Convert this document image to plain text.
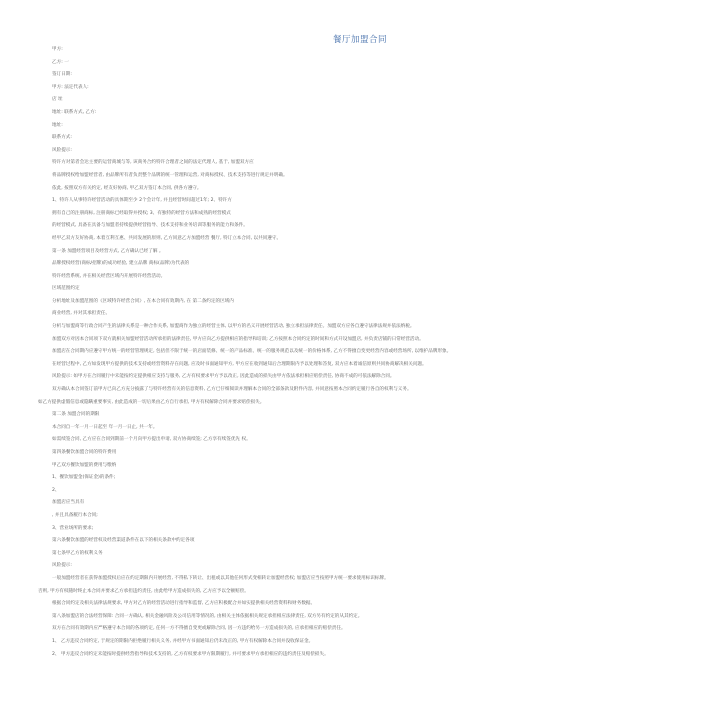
餐厅加盟合同
甲方:
乙方: 一
签订日期:
甲方: 法定代表人:
店 址
地址: 联系方式, 乙方:
地址:
联系方式:
风险提示:
特许方对第者会达主要的运营商城与等, 该商务合约特许合理者之间的法定代理人, 基于, 加盟双方应
将品牌授权给加盟经营者, 由品牌所有者负责整个品牌的统一管理和运营, 对商标授权、技术支持等进行规定并明确。
依此, 按照双方有关约定, 经友好协商, 甲乙双方签订本合同, 供各方遵守。
1、特许人从事特许经营活动的具体期至少 2个会计年, 并且经营时间超过1年; 2、特许方
拥有自己的注册商标, 注册商标已经取得并授权; 3、有独特的经营方法和成熟的经营模式
的经营模式, 具备在具备与加盟者持续提供经营指导、技术支持和业务培训等服务的能力和条件。
经甲乙双方友好协商, 本着互利互惠、共同发展的原则, 乙方同意乙方加盟经营 餐厅, 特订立本合同, 以共同遵守。
第一条 加盟经营项目及经营方式, 乙方确认已经了解 。
品牌授权经营(商标/招牌)的成功经验, 建立品牌 商标(品牌)为代表的
特许经营系统, 并在相关经营区域内开展特许经营活动。
区域范围约定
分析地址及加盟范围的《区域特许经营合同》, 在本合同有效期内, 在 第二条约定的区域内
商业经营, 并对其承担责任。
分析与加盟商等行政合同产生的法律关系是一种合作关系, 加盟商作为独立的经营主体, 以甲方的名义开展经营活动, 独立承担法律责任。加盟双方应各自遵守法律法规并依法纳税。
加盟双方对因本合同项下双方就相关加盟经营活动所承担的法律责任, 甲方应向乙方提供相应的指导和培训; 乙方按照本合同约定的时间和方式开设加盟店, 并负责店铺的日常经营活动。
加盟店在合同期内应遵守甲方统一的经营管理规定, 包括但不限于统一的店面装修、统一的产品标准、统一的服务规范以及统一的价格体系, 乙方不得擅自变更经营内容或经营场所, 以维护品牌形象。
在经营过程中, 乙方如发现甲方提供的技术支持或经营资料存在问题, 应及时书面通知甲方, 甲方应在收到通知后合理期限内予以处理和答复, 双方应本着诚信原则共同协商解决相关问题。
风险提示: 如甲方在合同履行中未能按约定提供相应支持与服务, 乙方有权要求甲方予以改正, 因此造成的损失由甲方依法承担相应赔偿责任, 协商不成的可依法解除合同。
双方确认本合同签订前甲方已向乙方充分披露了与特许经营有关的信息资料, 乙方已仔细阅读并理解本合同的全部条款及附件内容, 并同意按照本合同约定履行各自的权利与义务。
如乙方提供虚假信息或隐瞒重要事实, 由此造成的一切后果由乙方自行承担, 甲方有权解除合同并要求赔偿损失。
第二条 加盟合同的期限
本合同自一年一月一日起至 年一月一日止, 共一年。
如需续签合同, 乙方应在合同到期前一个月向甲方提出申请, 双方协商续签; 乙方享有续签优先 权。
第四条餐饮加盟合同的特许费用
甲乙双方餐饮加盟的费用与缴纳
1、餐饮加盟金(保证金)的条件;
2、
加盟店应当具有
, 并且具备履行本合同;
3、营业场所的要求;
第六条餐饮加盟的经营权及经营渠道条件在以下的相关条款中约定各项
第七条甲乙方的权利义务
风险提示:
一般加盟经营者在获得加盟授权后应在约定期限内开展经营, 不得私下转让、出租或以其他任何形式变相转让加盟经营权; 加盟店应当按照甲方统一要求使用标识标牌。
否则, 甲方有权随时终止本合同并要求乙方承担违约责任, 由此给甲方造成损失的, 乙方应予以全额赔偿。
根据合同约定及相关法律法规要求, 甲方对乙方的经营活动进行指导和监督, 乙方应积极配合并如实提供相关经营资料和财务数据。
第八条加盟店的合法经营保障: 合同一方确认, 相关金融风险及公司信用等情况的, 由相关主体依据相关规定承担相应法律责任, 双方另有约定的从其约定。
双方在合同有效期内应严格遵守本合同的各项约定, 任何一方不得擅自变更或解除合同, 因一方违约给另一方造成损失的, 应承担相应的赔偿责任。
1、 乙方违反合同约定, 于规定的期限内拒绝履行相关义务, 并经甲方书面通知后仍未改正的, 甲方有权解除本合同并没收保证金。
2、 甲方违反合同约定未能按时提供经营指导和技术支持的, 乙方有权要求甲方限期履行, 并可要求甲方承担相应的违约责任及赔偿损失。
